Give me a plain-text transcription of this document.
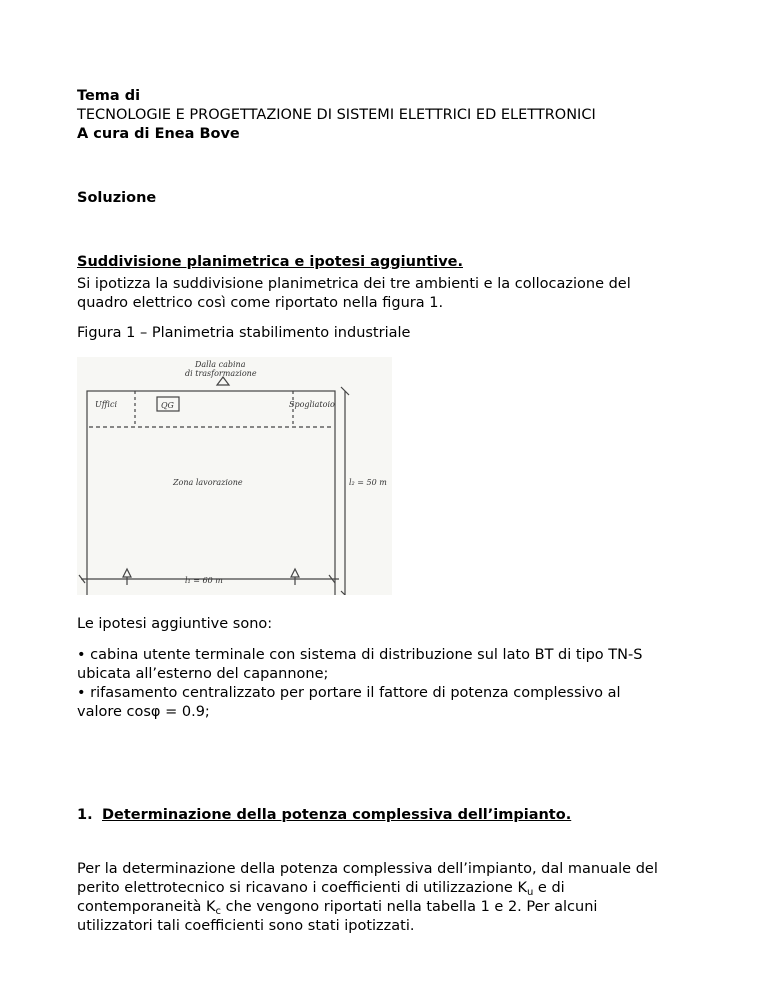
Tema di
TECNOLOGIE E PROGETTAZIONE DI SISTEMI ELETTRICI ED ELETTRONICI
A cura di Enea Bove
Soluzione
Suddivisione planimetrica e ipotesi aggiuntive.
Si ipotizza la suddivisione planimetrica dei tre ambienti e la collocazione del
quadro elettrico così come riportato nella figura 1.
Figura 1 – Planimetria stabilimento industriale
Le ipotesi aggiuntive sono:
• cabina utente terminale con sistema di distribuzione sul lato BT di tipo TN-S
ubicata all’esterno del capannone;
• rifasamento centralizzato per portare il fattore di potenza complessivo al
valore cosφ = 0.9;
1. Determinazione della potenza complessiva dell’impianto.
Per la determinazione della potenza complessiva dell’impianto, dal manuale del
perito elettrotecnico si ricavano i coefficienti di utilizzazione $K_u$ e di
contemporaneità $K_c$ che vengono riportati nella tabella 1 e 2. Per alcuni
utilizzatori tali coefficienti sono stati ipotizzati.
Dalla cabina
di trasformazione
Uffici	QG	Spogliatoio
Zona lavorazione	l₂ = 50 m
l₁ = 60 m
